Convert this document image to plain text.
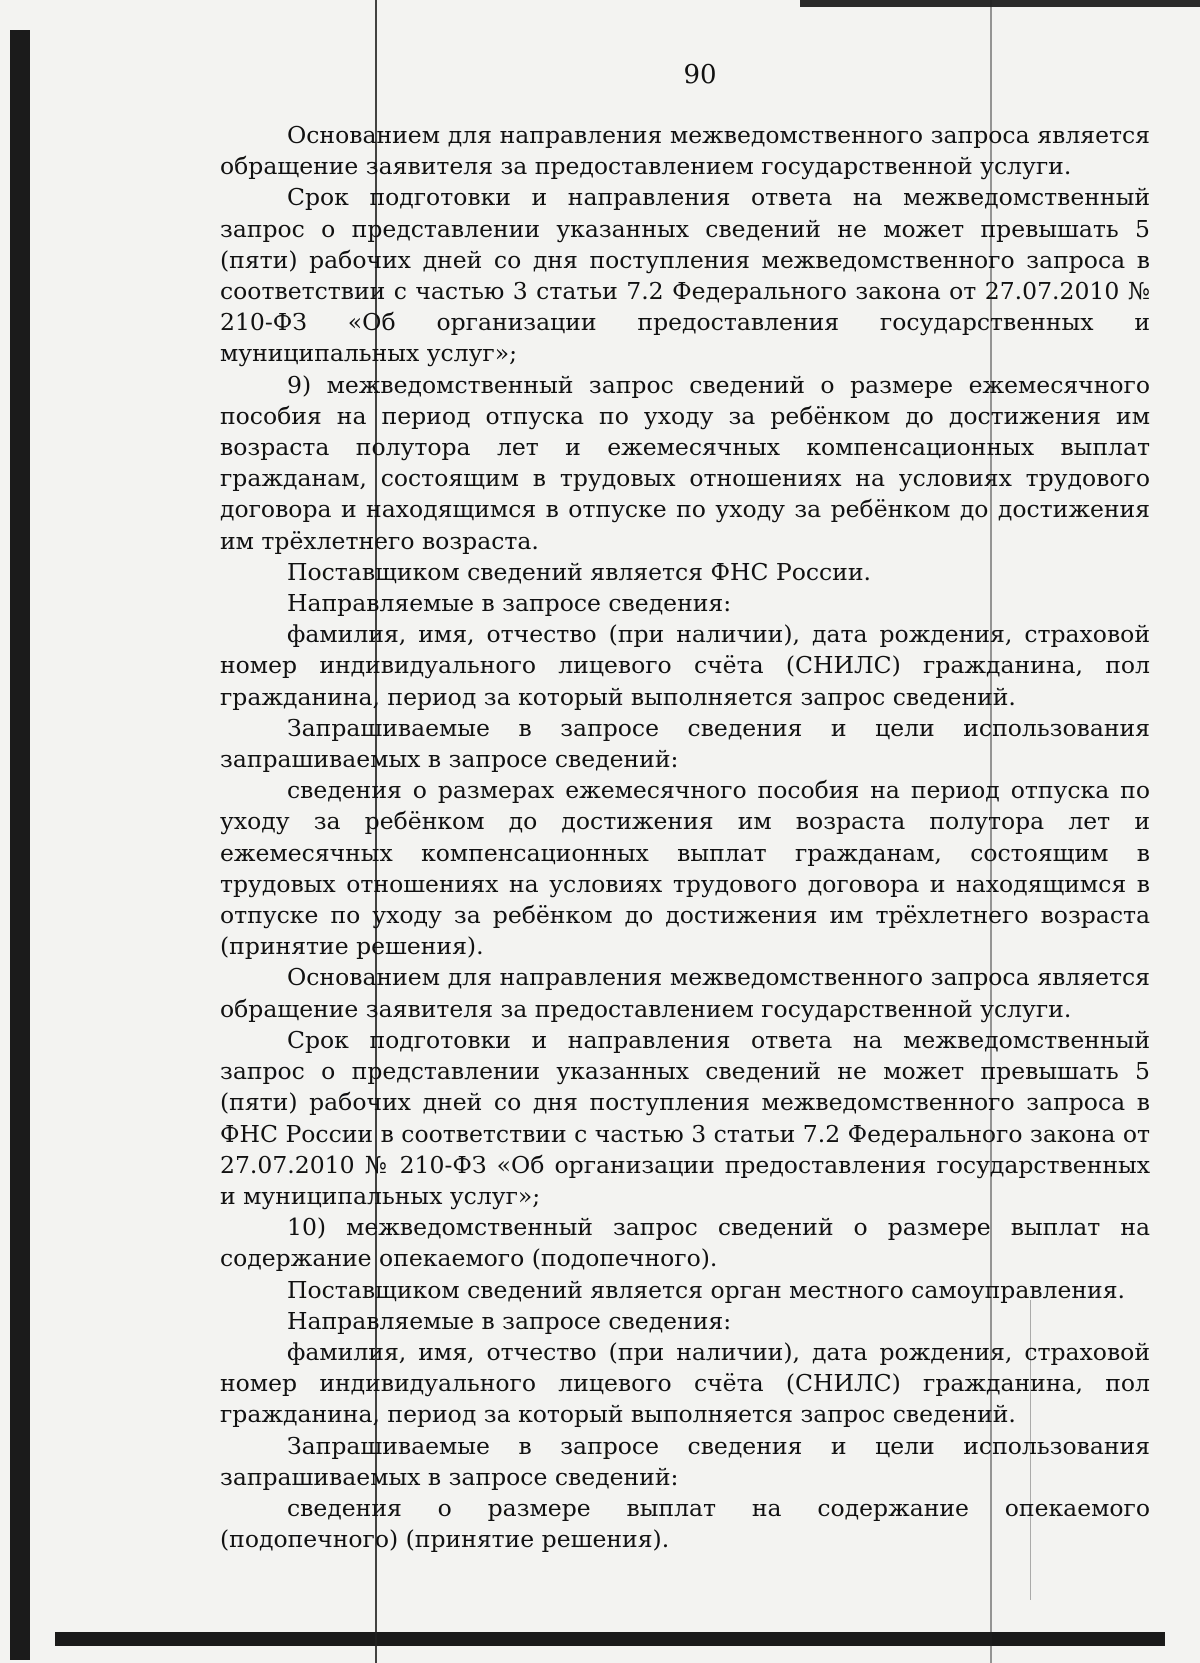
90

Основанием для направления межведомственного запроса является обращение заявителя за предоставлением государственной услуги.

Срок подготовки и направления ответа на межведомственный запрос о представлении указанных сведений не может превышать 5 (пяти) рабочих дней со дня поступления межведомственного запроса в соответствии с частью 3 статьи 7.2 Федерального закона от 27.07.2010 № 210-ФЗ «Об организации предоставления государственных и муниципальных услуг»;

9) межведомственный запрос сведений о размере ежемесячного пособия на период отпуска по уходу за ребёнком до достижения им возраста полутора лет и ежемесячных компенсационных выплат гражданам, состоящим в трудовых отношениях на условиях трудового договора и находящимся в отпуске по уходу за ребёнком до достижения им трёхлетнего возраста.

Поставщиком сведений является ФНС России.

Направляемые в запросе сведения:

фамилия, имя, отчество (при наличии), дата рождения, страховой номер индивидуального лицевого счёта (СНИЛС) гражданина, пол гражданина, период за который выполняется запрос сведений.

Запрашиваемые в запросе сведения и цели использования запрашиваемых в запросе сведений:

сведения о размерах ежемесячного пособия на период отпуска по уходу за ребёнком до достижения им возраста полутора лет и ежемесячных компенсационных выплат гражданам, состоящим в трудовых отношениях на условиях трудового договора и находящимся в отпуске по уходу за ребёнком до достижения им трёхлетнего возраста (принятие решения).

Основанием для направления межведомственного запроса является обращение заявителя за предоставлением государственной услуги.

Срок подготовки и направления ответа на межведомственный запрос о представлении указанных сведений не может превышать 5 (пяти) рабочих дней со дня поступления межведомственного запроса в ФНС России в соответствии с частью 3 статьи 7.2 Федерального закона от 27.07.2010 № 210-ФЗ «Об организации предоставления государственных и муниципальных услуг»;

10) межведомственный запрос сведений о размере выплат на содержание опекаемого (подопечного).

Поставщиком сведений является орган местного самоуправления.

Направляемые в запросе сведения:

фамилия, имя, отчество (при наличии), дата рождения, страховой номер индивидуального лицевого счёта (СНИЛС) гражданина, пол гражданина, период за который выполняется запрос сведений.

Запрашиваемые в запросе сведения и цели использования запрашиваемых в запросе сведений:

сведения о размере выплат на содержание опекаемого (подопечного) (принятие решения).
